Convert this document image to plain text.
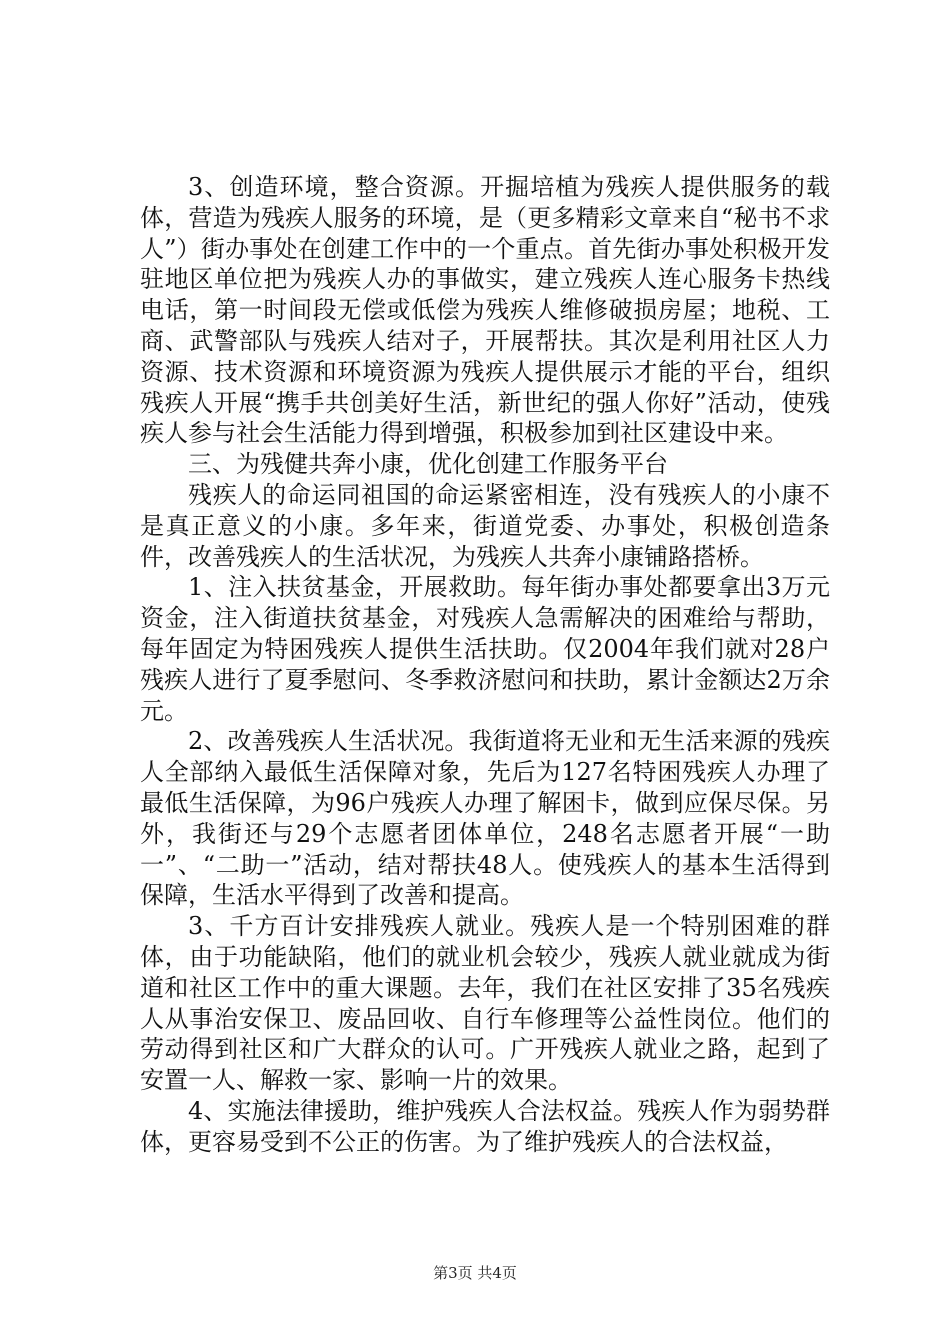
3、创造环境，整合资源。开掘培植为残疾人提供服务的载体，营造为残疾人服务的环境，是（更多精彩文章来自“秘书不求人”）街办事处在创建工作中的一个重点。首先街办事处积极开发驻地区单位把为残疾人办的事做实，建立残疾人连心服务卡热线电话，第一时间段无偿或低偿为残疾人维修破损房屋；地税、工商、武警部队与残疾人结对子，开展帮扶。其次是利用社区人力资源、技术资源和环境资源为残疾人提供展示才能的平台，组织残疾人开展“携手共创美好生活，新世纪的强人你好”活动，使残疾人参与社会生活能力得到增强，积极参加到社区建设中来。

三、为残健共奔小康，优化创建工作服务平台

残疾人的命运同祖国的命运紧密相连，没有残疾人的小康不是真正意义的小康。多年来，街道党委、办事处，积极创造条件，改善残疾人的生活状况，为残疾人共奔小康铺路搭桥。

1、注入扶贫基金，开展救助。每年街办事处都要拿出3万元资金，注入街道扶贫基金，对残疾人急需解决的困难给与帮助，每年固定为特困残疾人提供生活扶助。仅2004年我们就对28户残疾人进行了夏季慰问、冬季救济慰问和扶助，累计金额达2万余元。

2、改善残疾人生活状况。我街道将无业和无生活来源的残疾人全部纳入最低生活保障对象，先后为127名特困残疾人办理了最低生活保障，为96户残疾人办理了解困卡，做到应保尽保。另外，我街还与29个志愿者团体单位，248名志愿者开展“一助一”、“二助一”活动，结对帮扶48人。使残疾人的基本生活得到保障，生活水平得到了改善和提高。

3、千方百计安排残疾人就业。残疾人是一个特别困难的群体，由于功能缺陷，他们的就业机会较少，残疾人就业就成为街道和社区工作中的重大课题。去年，我们在社区安排了35名残疾人从事治安保卫、废品回收、自行车修理等公益性岗位。他们的劳动得到社区和广大群众的认可。广开残疾人就业之路，起到了安置一人、解救一家、影响一片的效果。

4、实施法律援助，维护残疾人合法权益。残疾人作为弱势群体，更容易受到不公正的伤害。为了维护残疾人的合法权益，

第3页 共4页
